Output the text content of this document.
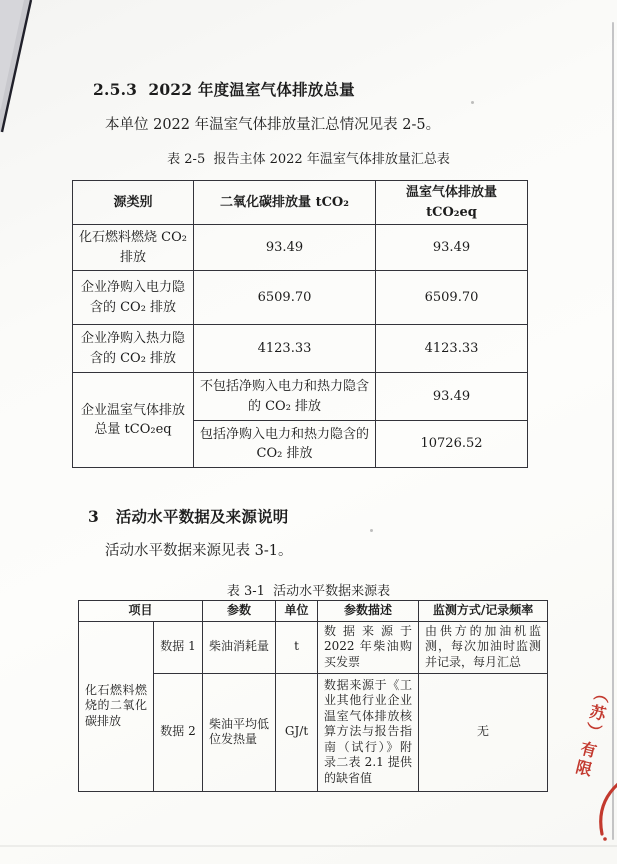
2.5.3  2022 年度温室气体排放总量
本单位 2022 年温室气体排放量汇总情况见表 2-5。
表 2-5  报告主体 2022 年温室气体排放量汇总表
源类别	二氧化碳排放量 tCO₂	温室气体排放量 tCO₂eq
化石燃料燃烧 CO₂ 排放	93.49	93.49
企业净购入电力隐含的 CO₂ 排放	6509.70	6509.70
企业净购入热力隐含的 CO₂ 排放	4123.33	4123.33
企业温室气体排放总量 tCO₂eq	不包括净购入电力和热力隐含的 CO₂ 排放	93.49
	包括净购入电力和热力隐含的 CO₂ 排放	10726.52
3   活动水平数据及来源说明
活动水平数据来源见表 3-1。
表 3-1  活动水平数据来源表
项目		参数	单位	参数描述	监测方式/记录频率
化石燃料燃烧的二氧化碳排放	数据 1	柴油消耗量	t	数据来源于 2022 年柴油购买发票	由供方的加油机监测，每次加油时监测并记录，每月汇总
	数据 2	柴油平均低位发热量	GJ/t	数据来源于《工业其他行业企业温室气体排放核算方法与报告指南（试行）》附录二表 2.1 提供的缺省值	无	（苏）有限
